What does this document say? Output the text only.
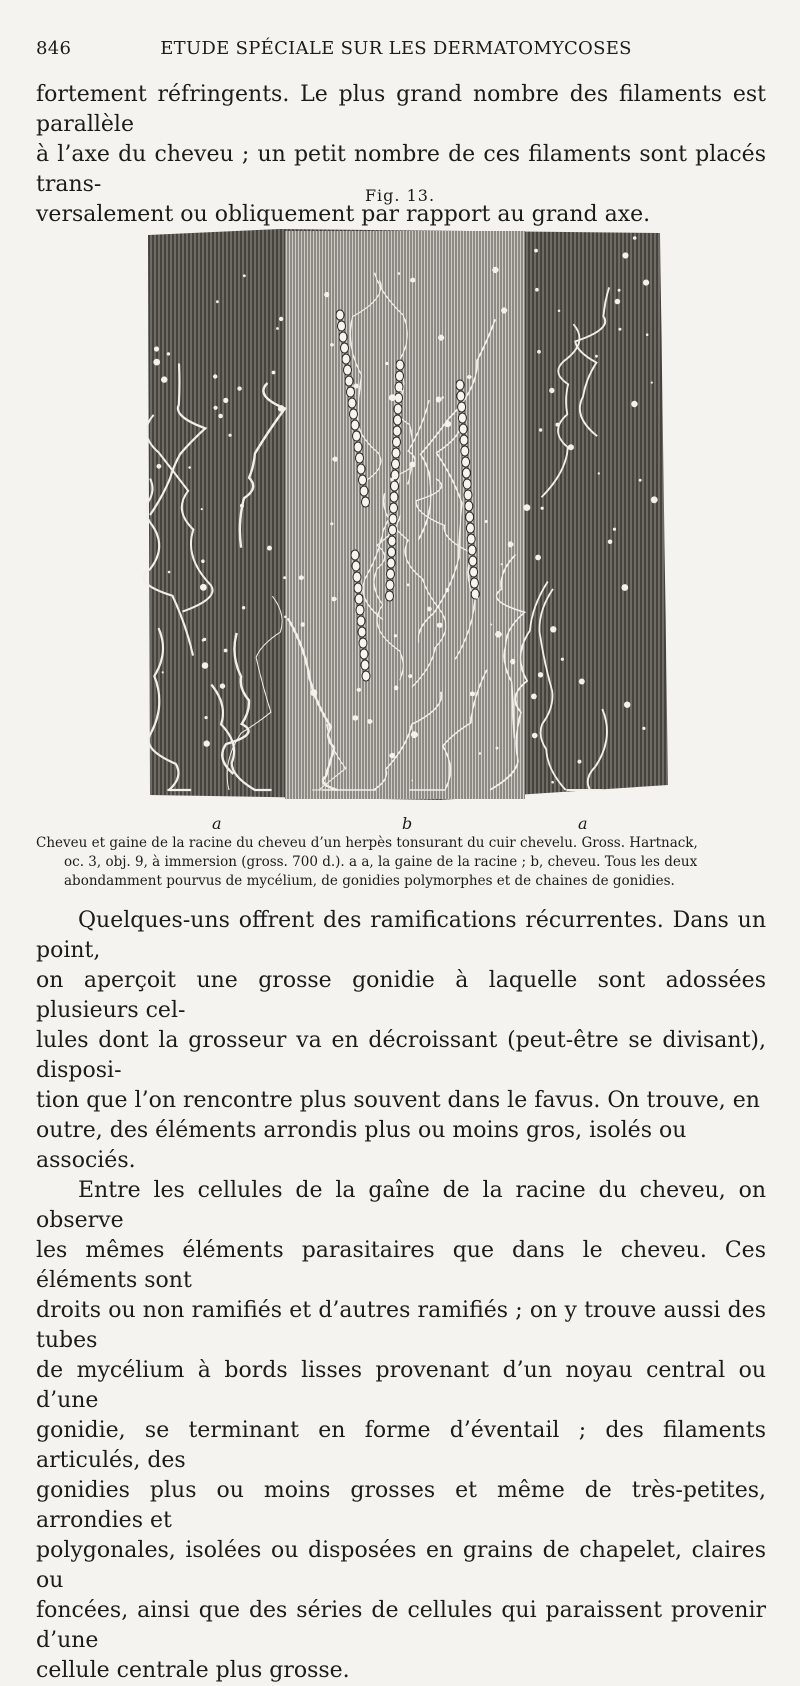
846	ETUDE SPÉCIALE SUR LES DERMATOMYCOSES
fortement réfringents. Le plus grand nombre des filaments est parallèle
à l’axe du cheveu ; un petit nombre de ces filaments sont placés trans-
versalement ou obliquement par rapport au grand axe.
Fig. 13.
a	b	a
Cheveu et gaine de la racine du cheveu d’un herpès tonsurant du cuir chevelu. Gross. Hartnack,
oc. 3, obj. 9, à immersion (gross. 700 d.). a a, la gaine de la racine ; b, cheveu. Tous les deux
abondamment pourvus de mycélium, de gonidies polymorphes et de chaines de gonidies.
Quelques-uns offrent des ramifications récurrentes. Dans un point,
on aperçoit une grosse gonidie à laquelle sont adossées plusieurs cel-
lules dont la grosseur va en décroissant (peut-être se divisant), disposi-
tion que l’on rencontre plus souvent dans le favus. On trouve, en
outre, des éléments arrondis plus ou moins gros, isolés ou associés.
Entre les cellules de la gaîne de la racine du cheveu, on observe
les mêmes éléments parasitaires que dans le cheveu. Ces éléments sont
droits ou non ramifiés et d’autres ramifiés ; on y trouve aussi des tubes
de mycélium à bords lisses provenant d’un noyau central ou d’une
gonidie, se terminant en forme d’éventail ; des filaments articulés, des
gonidies plus ou moins grosses et même de très-petites, arrondies et
polygonales, isolées ou disposées en grains de chapelet, claires ou
foncées, ainsi que des séries de cellules qui paraissent provenir d’une
cellule centrale plus grosse.
